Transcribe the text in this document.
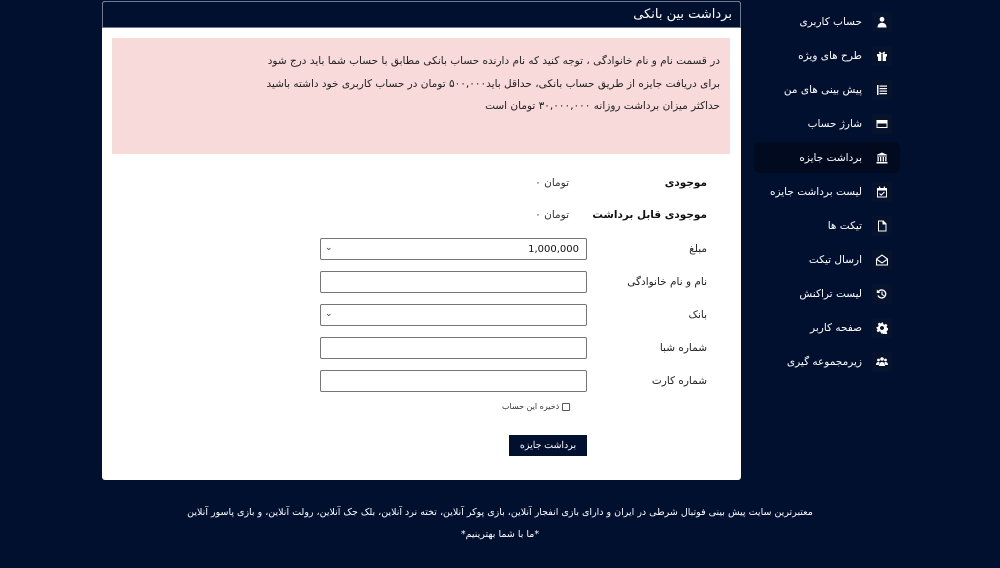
حساب کاربری
طرح های ویژه
پیش بینی های من
شارژ حساب
برداشت جایزه
لیست برداشت جایزه
تیکت ها
ارسال تیکت
لیست تراکنش
صفحه کاربر
زیرمجموعه گیری
برداشت بین بانکی
در قسمت نام و نام خانوادگی ، توجه کنید که نام دارنده حساب بانکی مطابق با حساب شما باید درج شود
برای دریافت جایزه از طریق حساب بانکی، حداقل باید۵۰۰,۰۰۰ تومان در حساب کاربری خود داشته باشید
حداکثر میزان برداشت روزانه ۳۰,۰۰۰,۰۰۰ تومان است
موجودی
تومان ۰
موجودی قابل برداشت
تومان ۰
مبلغ
1,000,000
⌄
نام و نام خانوادگی
بانک
⌄
شماره شبا
شماره کارت
ذخیره این حساب
برداشت جایزه
معتبرترین سایت پیش بینی فوتبال شرطی در ایران و دارای بازی انفجار آنلاین، بازی پوکر آنلاین، تخته نرد آنلاین، بلک جک آنلاین، رولت آنلاین، و بازی پاسور آنلاین
*ما با شما بهترینیم*
